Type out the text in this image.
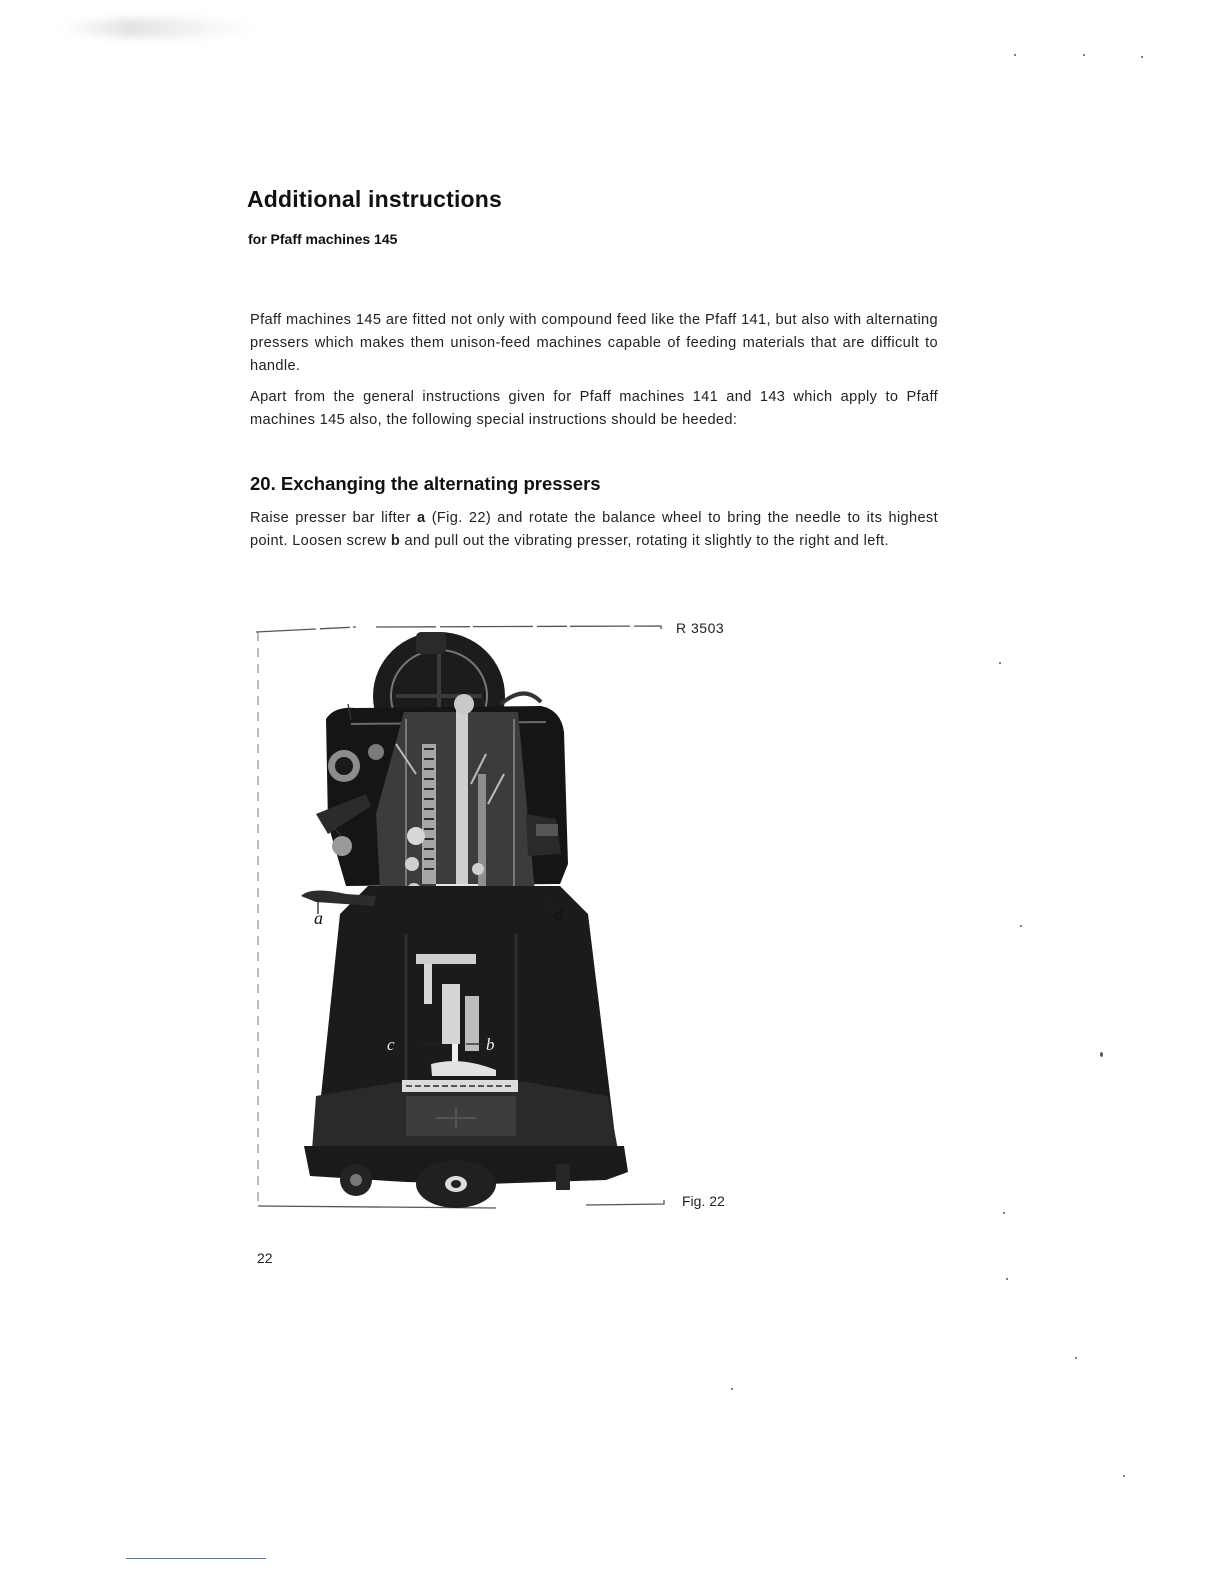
Additional instructions
for Pfaff machines 145

Pfaff machines 145 are fitted not only with compound feed like the Pfaff 141, but also with alternating pressers which makes them unison-feed machines capable of feeding materials that are difficult to handle.

Apart from the general instructions given for Pfaff machines 141 and 143 which apply to Pfaff machines 145 also, the following special instructions should be heeded:

20. Exchanging the alternating pressers

Raise presser bar lifter a (Fig. 22) and rotate the balance wheel to bring the needle to its highest point. Loosen screw b and pull out the vibrating presser, rotating it slightly to the right and left.

a	d
c	b

R 3503

Fig. 22

22
